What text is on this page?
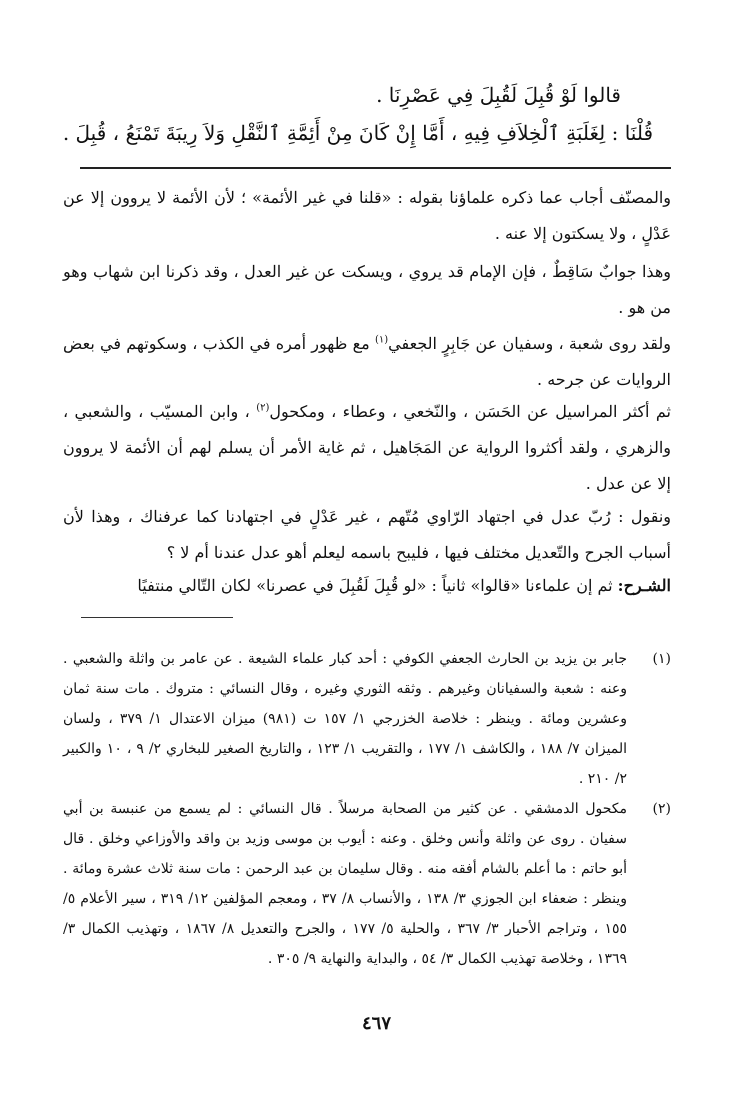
قالوا لَوْ قُبِلَ لَقُبِلَ فِي عَصْرِنَا .
قُلْنَا : لِغَلَبَةِ ٱلْخِلاَفِ فِيهِ ، أَمَّا إِنْ كَانَ مِنْ أَئِمَّةِ ٱلنَّقْلِ وَلاَ رِيبَةَ تَمْنَعُ ، قُبِلَ .
والمصنّف أجاب عما ذكره علماؤنا بقوله : «قلنا في غير الأئمة» ؛ لأن الأئمة لا يروون إلا عن عَدْلٍ ، ولا يسكتون إلا عنه .
وهذا جوابٌ سَاقِطٌ ، فإن الإمام قد يروي ، ويسكت عن غير العدل ، وقد ذكرنا ابن شهاب وهو من هو .
ولقد روى شعبة ، وسفيان عن جَابِرٍ الجعفي$^{(١)}$ مع ظهور أمره في الكذب ، وسكوتهم في بعض الروايات عن جرحه .
ثم أكثر المراسيل عن الحَسَن ، والنّخعي ، وعطاء ، ومكحول$^{(٢)}$ ، وابن المسيّب ، والشعبي ، والزهري ، ولقد أكثروا الرواية عن المَجَاهيل ، ثم غاية الأمر أن يسلم لهم أن الأئمة لا يروون إلا عن عدل .
ونقول : رُبّ عدل في اجتهاد الرّاوي مُتّهم ، غير عَدْلٍ في اجتهادنا كما عرفناك ، وهذا لأن أسباب الجرح والتّعديل مختلف فيها ، فليبح باسمه ليعلم أهو عدل عندنا أم لا ؟
الشـرح: ثم إن علماءنا «قالوا» ثانياً : «لو قُبِلَ لَقُبِلَ في عصرنا» لكان التّالي منتفيًا
(١)
جابر بن يزيد بن الحارث الجعفي الكوفي : أحد كبار علماء الشيعة . عن عامر بن واثلة والشعبي . وعنه : شعبة والسفيانان وغيرهم . وثقه الثوري وغيره ، وقال النسائي : متروك . مات سنة ثمان وعشرين ومائة . وينظر : خلاصة الخزرجي ١/ ١٥٧ ت (٩٨١) ميزان الاعتدال ١/ ٣٧٩ ، ولسان الميزان ٧/ ١٨٨ ، والكاشف ١/ ١٧٧ ، والتقريب ١/ ١٢٣ ، والتاريخ الصغير للبخاري ٢/ ٩ ، ١٠ والكبير ٢/ ٢١٠ .
(٢)
مكحول الدمشقي . عن كثير من الصحابة مرسلاً . قال النسائي : لم يسمع من عنبسة بن أبي سفيان . روى عن واثلة وأنس وخلق . وعنه : أيوب بن موسى وزيد بن واقد والأوزاعي وخلق . قال أبو حاتم : ما أعلم بالشام أفقه منه . وقال سليمان بن عبد الرحمن : مات سنة ثلاث عشرة ومائة . وينظر : ضعفاء ابن الجوزي ٣/ ١٣٨ ، والأنساب ٨/ ٣٧ ، ومعجم المؤلفين ١٢/ ٣١٩ ، سير الأعلام ٥/ ١٥٥ ، وتراجم الأحبار ٣/ ٣٦٧ ، والحلية ٥/ ١٧٧ ، والجرح والتعديل ٨/ ١٨٦٧ ، وتهذيب الكمال ٣/ ١٣٦٩ ، وخلاصة تهذيب الكمال ٣/ ٥٤ ، والبداية والنهاية ٩/ ٣٠٥ .
٤٦٧
